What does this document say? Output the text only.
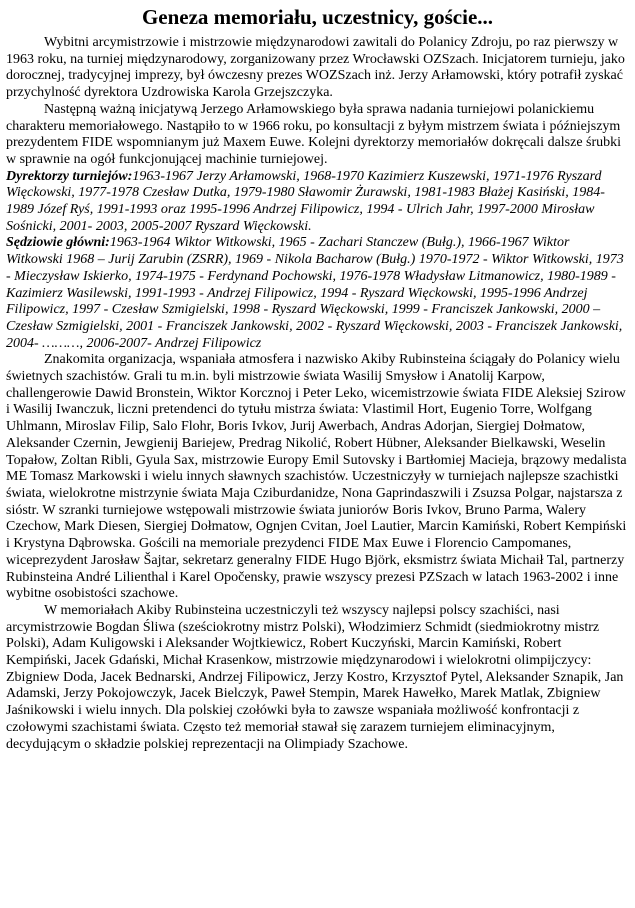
Geneza memoriału, uczestnicy, goście...

Wybitni arcymistrzowie i mistrzowie międzynarodowi zawitali do Polanicy Zdroju, po raz pierwszy w 1963 roku, na turniej międzynarodowy, zorganizowany przez Wrocławski OZSzach. Inicjatorem turnieju, jako dorocznej, tradycyjnej imprezy, był ówczesny prezes WOZSzach inż. Jerzy Arłamowski, który potrafił zyskać przychylność dyrektora Uzdrowiska Karola Grzejszczyka.

Następną ważną inicjatywą Jerzego Arłamowskiego była sprawa nadania turniejowi polanickiemu charakteru memoriałowego. Nastąpiło to w 1966 roku, po konsultacji z byłym mistrzem świata i późniejszym prezydentem FIDE wspomnianym już Maxem Euwe. Kolejni dyrektorzy memoriałów dokręcali dalsze śrubki w sprawnie na ogół funkcjonującej machinie turniejowej.

Dyrektorzy turniejów:1963-1967 Jerzy Arłamowski, 1968-1970 Kazimierz Kuszewski, 1971-1976 Ryszard Więckowski, 1977-1978 Czesław Dutka, 1979-1980 Sławomir Żurawski, 1981-1983 Błażej Kasiński, 1984-1989 Józef Ryś, 1991-1993 oraz 1995-1996 Andrzej Filipowicz, 1994 - Ulrich Jahr, 1997-2000 Mirosław Sośnicki, 2001- 2003, 2005-2007 Ryszard Więckowski.

Sędziowie główni:1963-1964 Wiktor Witkowski, 1965 - Zachari Stanczew (Bułg.), 1966-1967 Wiktor Witkowski 1968 – Jurij Zarubin (ZSRR), 1969 - Nikola Bacharow (Bułg.) 1970-1972 - Wiktor Witkowski, 1973 - Mieczysław Iskierko, 1974-1975 - Ferdynand Pochowski, 1976-1978 Władysław Litmanowicz, 1980-1989 - Kazimierz Wasilewski, 1991-1993 - Andrzej Filipowicz, 1994 - Ryszard Więckowski, 1995-1996 Andrzej Filipowicz, 1997 - Czesław Szmigielski, 1998 - Ryszard Więckowski, 1999 - Franciszek Jankowski, 2000 – Czesław Szmigielski, 2001 - Franciszek Jankowski, 2002 - Ryszard Więckowski, 2003 - Franciszek Jankowski, 2004- ………, 2006-2007- Andrzej Filipowicz

Znakomita organizacja, wspaniała atmosfera i nazwisko Akiby Rubinsteina ściągały do Polanicy wielu świetnych szachistów. Grali tu m.in. byli mistrzowie świata Wasilij Smysłow i Anatolij Karpow, challengerowie Dawid Bronstein, Wiktor Korcznoj i Peter Leko, wicemistrzowie świata FIDE Aleksiej Szirow i Wasilij Iwanczuk, liczni pretendenci do tytułu mistrza świata: Vlastimil Hort, Eugenio Torre, Wolfgang Uhlmann, Miroslav Filip, Salo Flohr, Boris Ivkov, Jurij Awerbach, Andras Adorjan, Siergiej Dołmatow, Aleksander Czernin, Jewgienij Bariejew, Predrag Nikolić, Robert Hübner, Aleksander Bielkawski, Weselin Topałow, Zoltan Ribli, Gyula Sax, mistrzowie Europy Emil Sutovsky i Bartłomiej Macieja, brązowy medalista ME Tomasz Markowski i wielu innych sławnych szachistów. Uczestniczyły w turniejach najlepsze szachistki świata, wielokrotne mistrzynie świata Maja Cziburdanidze, Nona Gaprindaszwili i Zsuzsa Polgar, najstarsza z sióstr. W szranki turniejowe wstępowali mistrzowie świata juniorów Boris Ivkov, Bruno Parma, Walery Czechow, Mark Diesen, Siergiej Dołmatow, Ognjen Cvitan, Joel Lautier, Marcin Kamiński, Robert Kempiński i Krystyna Dąbrowska. Gościli na memoriale prezydenci FIDE Max Euwe i Florencio Campomanes, wiceprezydent Jarosław Šajtar, sekretarz generalny FIDE Hugo Björk, eksmistrz świata Michaił Tal, partnerzy Rubinsteina André Lilienthal i Karel Opočensky, prawie wszyscy prezesi PZSzach w latach 1963-2002 i inne wybitne osobistości szachowe.

W memoriałach Akiby Rubinsteina uczestniczyli też wszyscy najlepsi polscy szachiści, nasi arcymistrzowie Bogdan Śliwa (sześciokrotny mistrz Polski), Włodzimierz Schmidt (siedmiokrotny mistrz Polski), Adam Kuligowski i Aleksander Wojtkiewicz, Robert Kuczyński, Marcin Kamiński, Robert Kempiński, Jacek Gdański, Michał Krasenkow, mistrzowie międzynarodowi i wielokrotni olimpijczycy: Zbigniew Doda, Jacek Bednarski, Andrzej Filipowicz, Jerzy Kostro, Krzysztof Pytel, Aleksander Sznapik, Jan Adamski, Jerzy Pokojowczyk, Jacek Bielczyk, Paweł Stempin, Marek Hawełko, Marek Matlak, Zbigniew Jaśnikowski i wielu innych. Dla polskiej czołówki była to zawsze wspaniała możliwość konfrontacji z czołowymi szachistami świata. Często też memoriał stawał się zarazem turniejem eliminacyjnym, decydującym o składzie polskiej reprezentacji na Olimpiady Szachowe.
